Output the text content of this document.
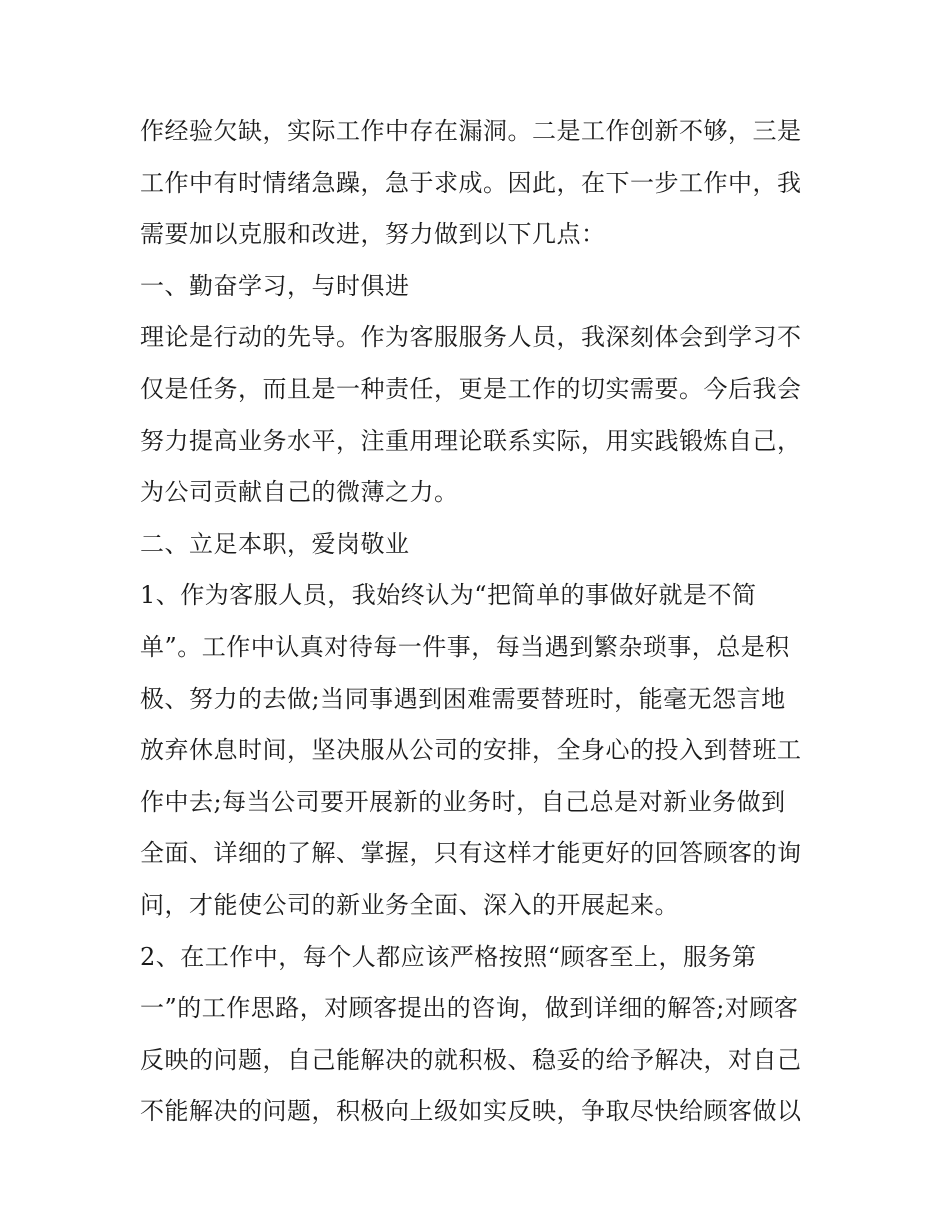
作经验欠缺，实际工作中存在漏洞。二是工作创新不够，三是
工作中有时情绪急躁，急于求成。因此，在下一步工作中，我
需要加以克服和改进，努力做到以下几点：
一、勤奋学习，与时俱进
理论是行动的先导。作为客服服务人员，我深刻体会到学习不
仅是任务，而且是一种责任，更是工作的切实需要。今后我会
努力提高业务水平，注重用理论联系实际，用实践锻炼自己，
为公司贡献自己的微薄之力。
二、立足本职，爱岗敬业
1、作为客服人员，我始终认为“把简单的事做好就是不简
单”。工作中认真对待每一件事，每当遇到繁杂琐事，总是积
极、努力的去做;当同事遇到困难需要替班时，能毫无怨言地
放弃休息时间，坚决服从公司的安排，全身心的投入到替班工
作中去;每当公司要开展新的业务时，自己总是对新业务做到
全面、详细的了解、掌握，只有这样才能更好的回答顾客的询
问，才能使公司的新业务全面、深入的开展起来。
2、在工作中，每个人都应该严格按照“顾客至上，服务第
一”的工作思路，对顾客提出的咨询，做到详细的解答;对顾客
反映的问题，自己能解决的就积极、稳妥的给予解决，对自己
不能解决的问题，积极向上级如实反映，争取尽快给顾客做以
